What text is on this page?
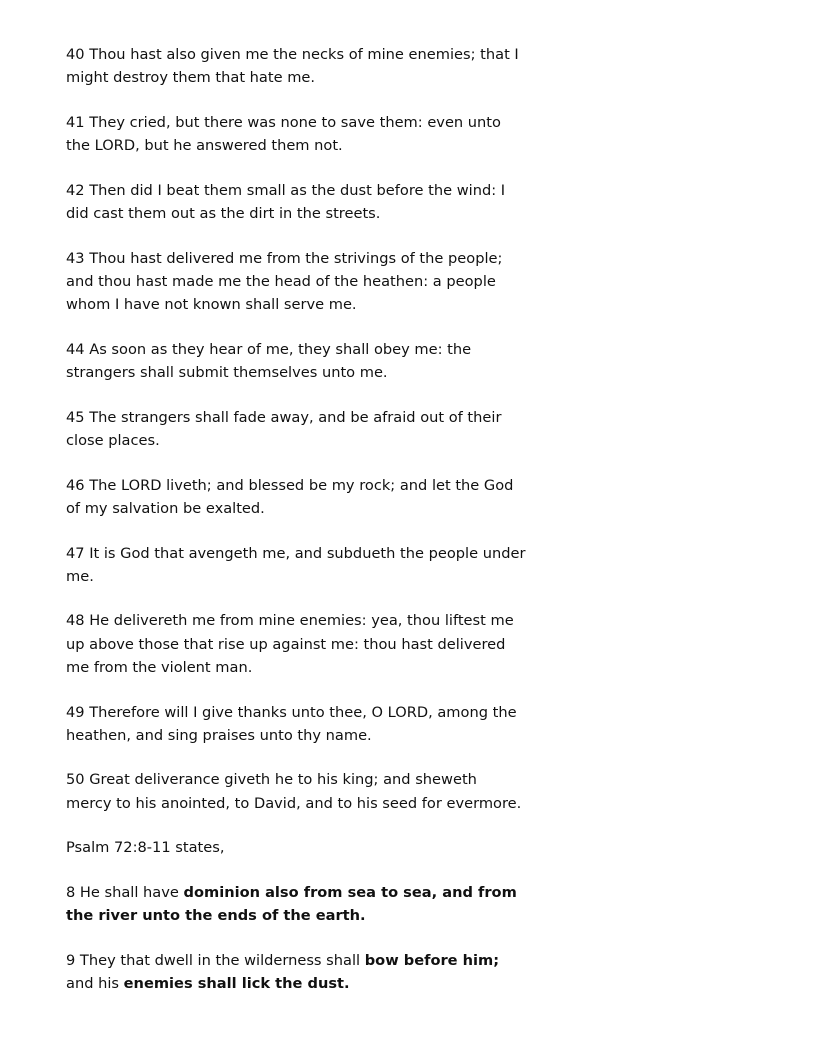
40 Thou hast also given me the necks of mine enemies; that I might destroy them that hate me.

41 They cried, but there was none to save them: even unto the LORD, but he answered them not.

42 Then did I beat them small as the dust before the wind: I did cast them out as the dirt in the streets.

43 Thou hast delivered me from the strivings of the people; and thou hast made me the head of the heathen: a people whom I have not known shall serve me.

44 As soon as they hear of me, they shall obey me: the strangers shall submit themselves unto me.

45 The strangers shall fade away, and be afraid out of their close places.

46 The LORD liveth; and blessed be my rock; and let the God of my salvation be exalted.

47 It is God that avengeth me, and subdueth the people under me.

48 He delivereth me from mine enemies: yea, thou liftest me up above those that rise up against me: thou hast delivered me from the violent man.

49 Therefore will I give thanks unto thee, O LORD, among the heathen, and sing praises unto thy name.

50 Great deliverance giveth he to his king; and sheweth mercy to his anointed, to David, and to his seed for evermore.

Psalm 72:8-11 states,

8 He shall have dominion also from sea to sea, and from the river unto the ends of the earth.

9 They that dwell in the wilderness shall bow before him; and his enemies shall lick the dust.
